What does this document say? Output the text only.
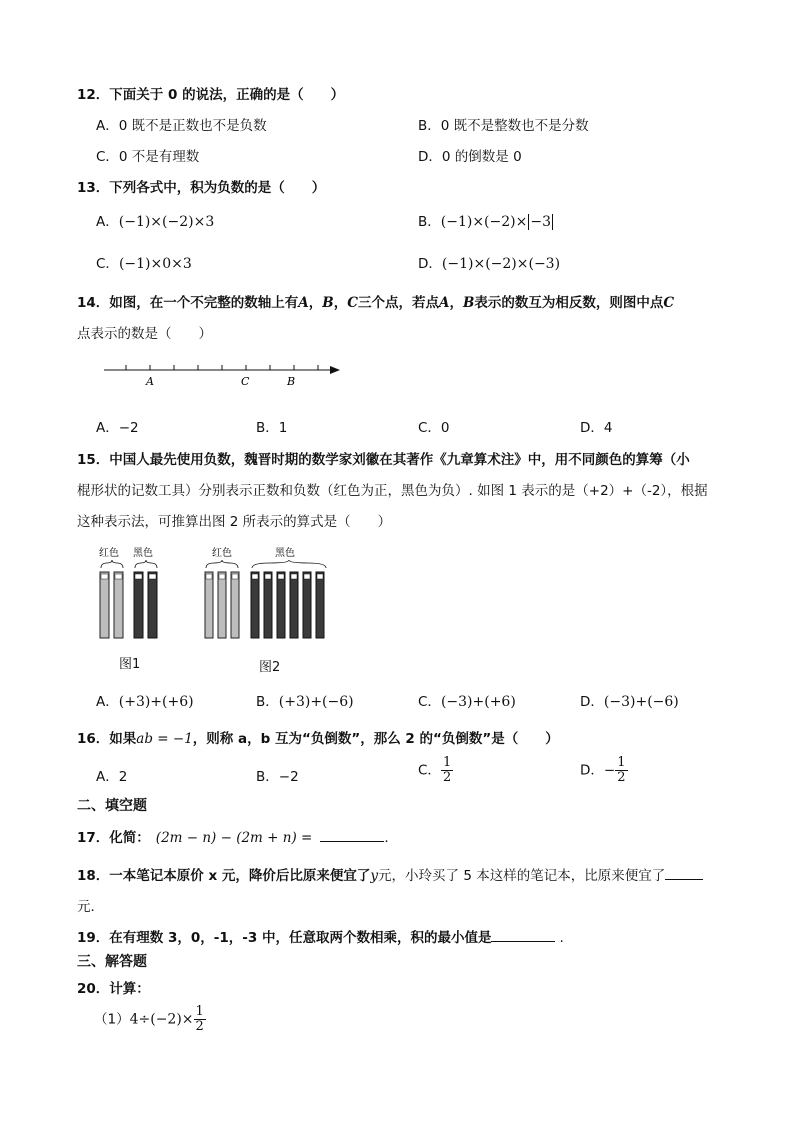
12．下面关于 0 的说法，正确的是（　　）
A．0 既不是正数也不是负数	B．0 既不是整数也不是分数
C．0 不是有理数	D．0 的倒数是 0
13．下列各式中，积为负数的是（　　）
A．(−1)×(−2)×3	B．(−1)×(−2)× −3
C．(−1)×0×3	D．(−1)×(−2)×(−3)
14．如图，在一个不完整的数轴上有A，B，C三个点，若点A，B表示的数互为相反数，则图中点C
点表示的数是（　　）
A	C	B
A．−2	B．1	C．0	D．4
15．中国人最先使用负数，魏晋时期的数学家刘徽在其著作《九章算术注》中，用不同颜色的算筹（小
棍形状的记数工具）分别表示正数和负数（红色为正，黑色为负）. 如图 1 表示的是（+2）+（-2），根据
这种表示法，可推算出图 2 所表示的算式是（　　）
红色 黑色
图1
红色	黑色
图2
A．(+3)+(+6)	B．(+3)+(−6)	C．(−3)+(+6)	D．(−3)+(−6)
16．如果ab = −1，则称 a，b 互为“负倒数”，那么 2 的“负倒数”是（　　）
A．2	B．−2	C． $\frac{1}{2}$	D．− $\frac{1}{2}$
二、填空题
17．化简： (2m − n) − (2m + n) =	.
18．一本笔记本原价 x 元，降价后比原来便宜了y元，小玲买了 5 本这样的笔记本，比原来便宜了
元．
19．在有理数 3，0，-1，-3 中，任意取两个数相乘，积的最小值是	.
三、解答题
20．计算：
$(1)4\div(-2)\times \frac{1}{2}$
